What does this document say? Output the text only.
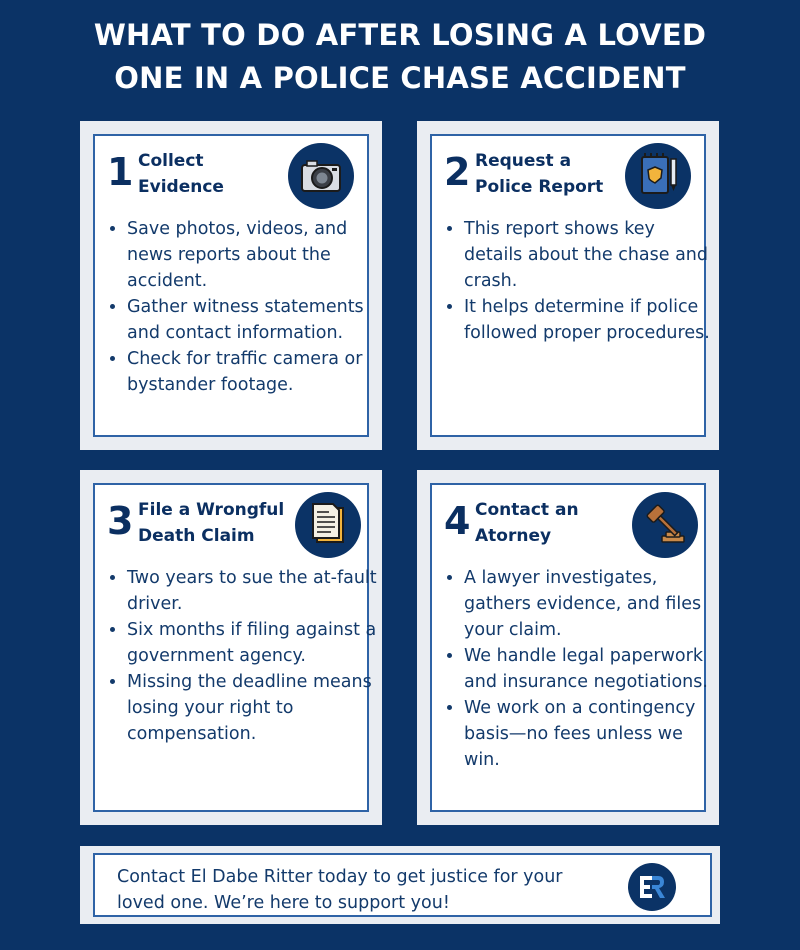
WHAT TO DO AFTER LOSING A LOVED
ONE IN A POLICE CHASE ACCIDENT
1 Collect
Evidence
• Save photos, videos, and news reports about the accident.
• Gather witness statements and contact information.
• Check for traffic camera or bystander footage.
2 Request a
Police Report
• This report shows key details about the chase and crash.
• It helps determine if police followed proper procedures.
3 File a Wrongful
Death Claim
• Two years to sue the at-fault driver.
• Six months if filing against a government agency.
• Missing the deadline means losing your right to compensation.
4 Contact an
Atorney
• A lawyer investigates, gathers evidence, and files your claim.
• We handle legal paperwork and insurance negotiations.
• We work on a contingency basis—no fees unless we win.
Contact El Dabe Ritter today to get justice for your loved one. We’re here to support you!
